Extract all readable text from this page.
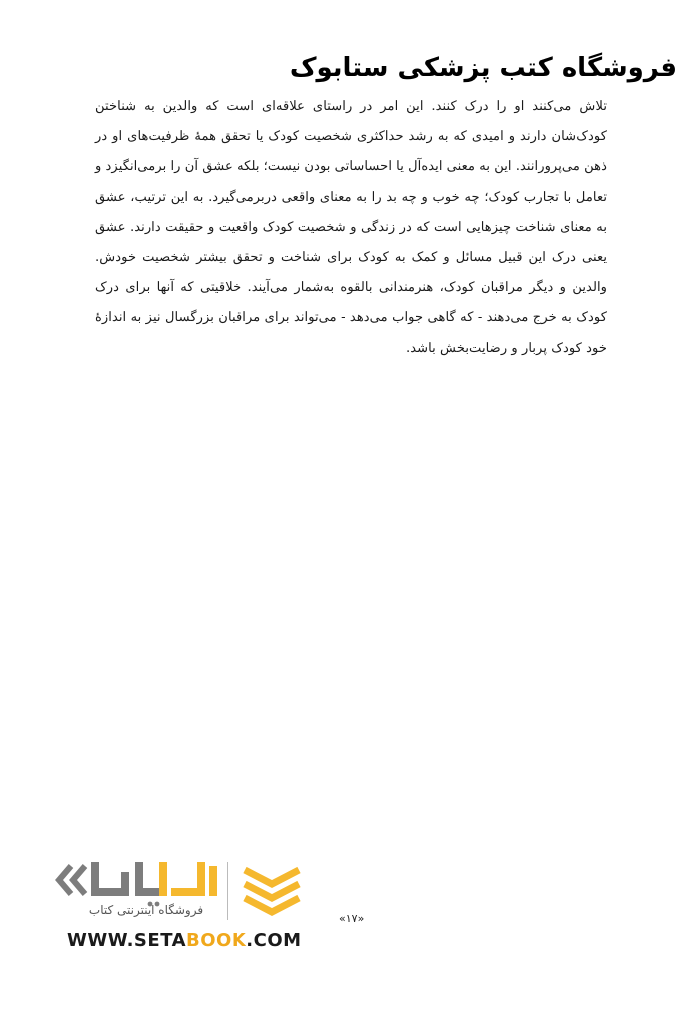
فروشگاه کتب پزشکی ستابوک

تلاش می‌کنند او را درک کنند. این امر در راستای علاقه‌ای است که والدین به شناختن کودک‌شان دارند و امیدی که به رشد حداکثری شخصیت کودک یا تحقق همهٔ ظرفیت‌های او در ذهن می‌پرورانند. این به معنی ایده‌آل یا احساساتی بودن نیست؛ بلکه عشق آن را برمی‌انگیزد و تعامل با تجارب کودک؛ چه خوب و چه بد را به معنای واقعی دربرمی‌گیرد. به این ترتیب، عشق به معنای شناخت چیزهایی است که در زندگی و شخصیت کودک واقعیت و حقیقت دارند. عشق یعنی درک این قبیل مسائل و کمک به کودک برای شناخت و تحقق بیشتر شخصیت خودش. والدین و دیگر مراقبان کودک، هنرمندانی بالقوه به‌شمار می‌آیند. خلاقیتی که آنها برای درک کودک به خرج می‌دهند - که گاهی جواب می‌دهد - می‌تواند برای مراقبان بزرگسال نیز به اندازهٔ خود کودک پربار و رضایت‌بخش باشد.

فروشگاه اینترنتی کتاب
«۱۷»
WWW.SETABOOK.COM
